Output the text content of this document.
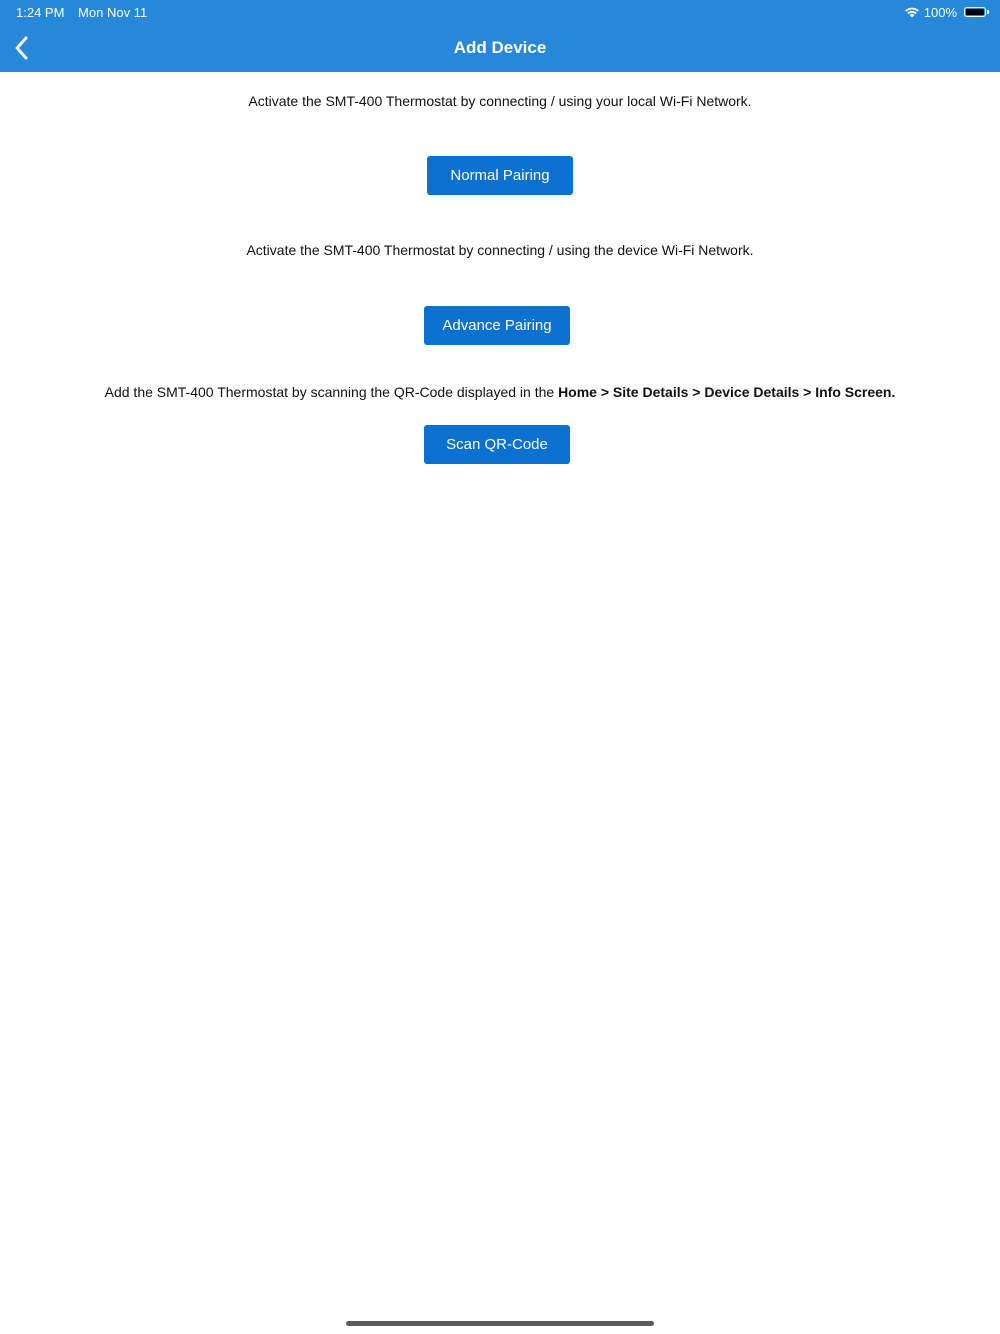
1:24 PM Mon Nov 11	100%
Add Device
Activate the SMT-400 Thermostat by connecting / using your local Wi-Fi Network.
Normal Pairing
Activate the SMT-400 Thermostat by connecting / using the device Wi-Fi Network.
Advance Pairing
Add the SMT-400 Thermostat by scanning the QR-Code displayed in the Home > Site Details > Device Details > Info Screen.
Scan QR-Code
